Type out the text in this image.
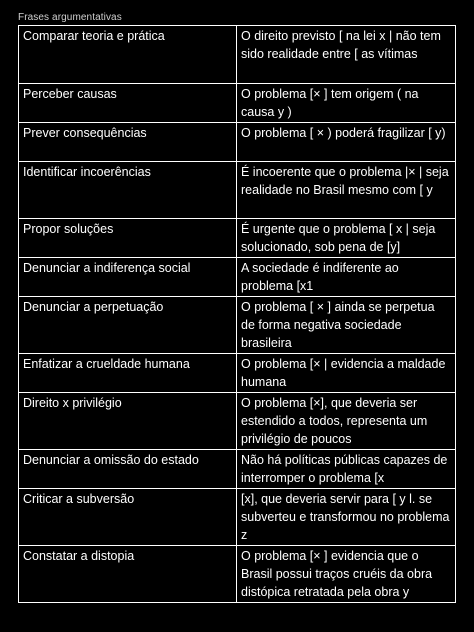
Frases argumentativas
Comparar teoria e prática	O direito previsto [ na lei x | não tem sido realidade entre [ as vítimas
Perceber causas	O problema [× ] tem origem ( na causa y )
Prever consequências	O problema [ × ) poderá fragilizar [ y)
Identificar incoerências	É incoerente que o problema |× | seja realidade no Brasil mesmo com [ y
Propor soluções	É urgente que o problema [ x | seja solucionado, sob pena de [y]
Denunciar a indiferença social	A sociedade é indiferente ao problema [x1
Denunciar a perpetuação	O problema [ × ] ainda se perpetua de forma negativa sociedade brasileira
Enfatizar a crueldade humana	O problema [× | evidencia a maldade humana
Direito x privilégio	O problema [×], que deveria ser estendido a todos, representa um privilégio de poucos
Denunciar a omissão do estado	Não há políticas públicas capazes de interromper o problema [x
Criticar a subversão	[x], que deveria servir para [ y l. se subverteu e transformou no problema z
Constatar a distopia	O problema [× ] evidencia que o Brasil possui traços cruéis da obra distópica retratada pela obra y
